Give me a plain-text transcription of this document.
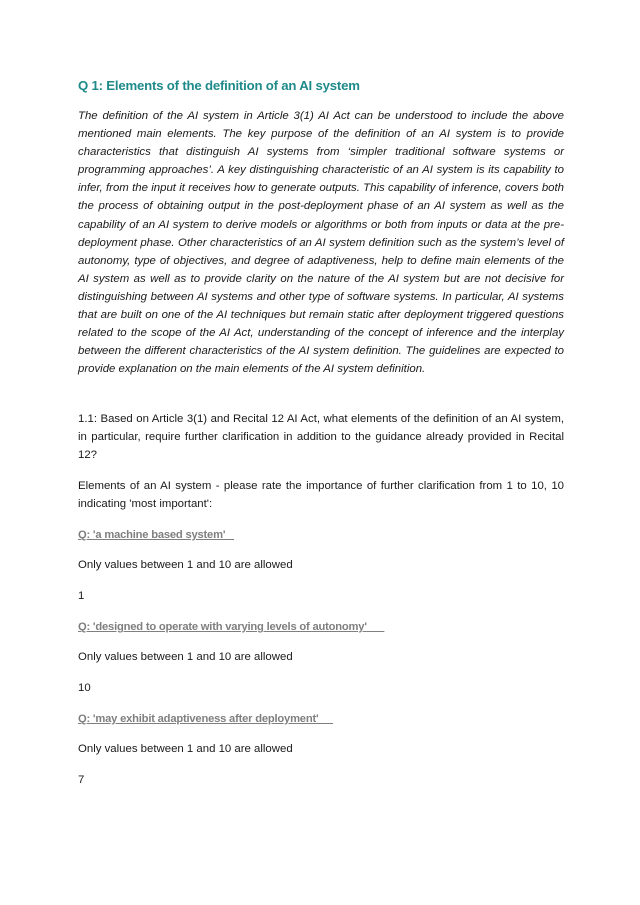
Q 1: Elements of the definition of an AI system

The definition of the AI system in Article 3(1) AI Act can be understood to include the above mentioned main elements. The key purpose of the definition of an AI system is to provide characteristics that distinguish AI systems from ‘simpler traditional software systems or programming approaches’. A key distinguishing characteristic of an AI system is its capability to infer, from the input it receives how to generate outputs. This capability of inference, covers both the process of obtaining output in the post-deployment phase of an AI system as well as the capability of an AI system to derive models or algorithms or both from inputs or data at the pre-deployment phase. Other characteristics of an AI system definition such as the system’s level of autonomy, type of objectives, and degree of adaptiveness, help to define main elements of the AI system as well as to provide clarity on the nature of the AI system but are not decisive for distinguishing between AI systems and other type of software systems. In particular, AI systems that are built on one of the AI techniques but remain static after deployment triggered questions related to the scope of the AI Act, understanding of the concept of inference and the interplay between the different characteristics of the AI system definition. The guidelines are expected to provide explanation on the main elements of the AI system definition.

1.1: Based on Article 3(1) and Recital 12 AI Act, what elements of the definition of an AI system, in particular, require further clarification in addition to the guidance already provided in Recital 12?

Elements of an AI system - please rate the importance of further clarification from 1 to 10, 10 indicating 'most important':

Q: 'a machine based system'

Only values between 1 and 10 are allowed

1

Q: 'designed to operate with varying levels of autonomy'

Only values between 1 and 10 are allowed

10

Q: 'may exhibit adaptiveness after deployment'

Only values between 1 and 10 are allowed

7
